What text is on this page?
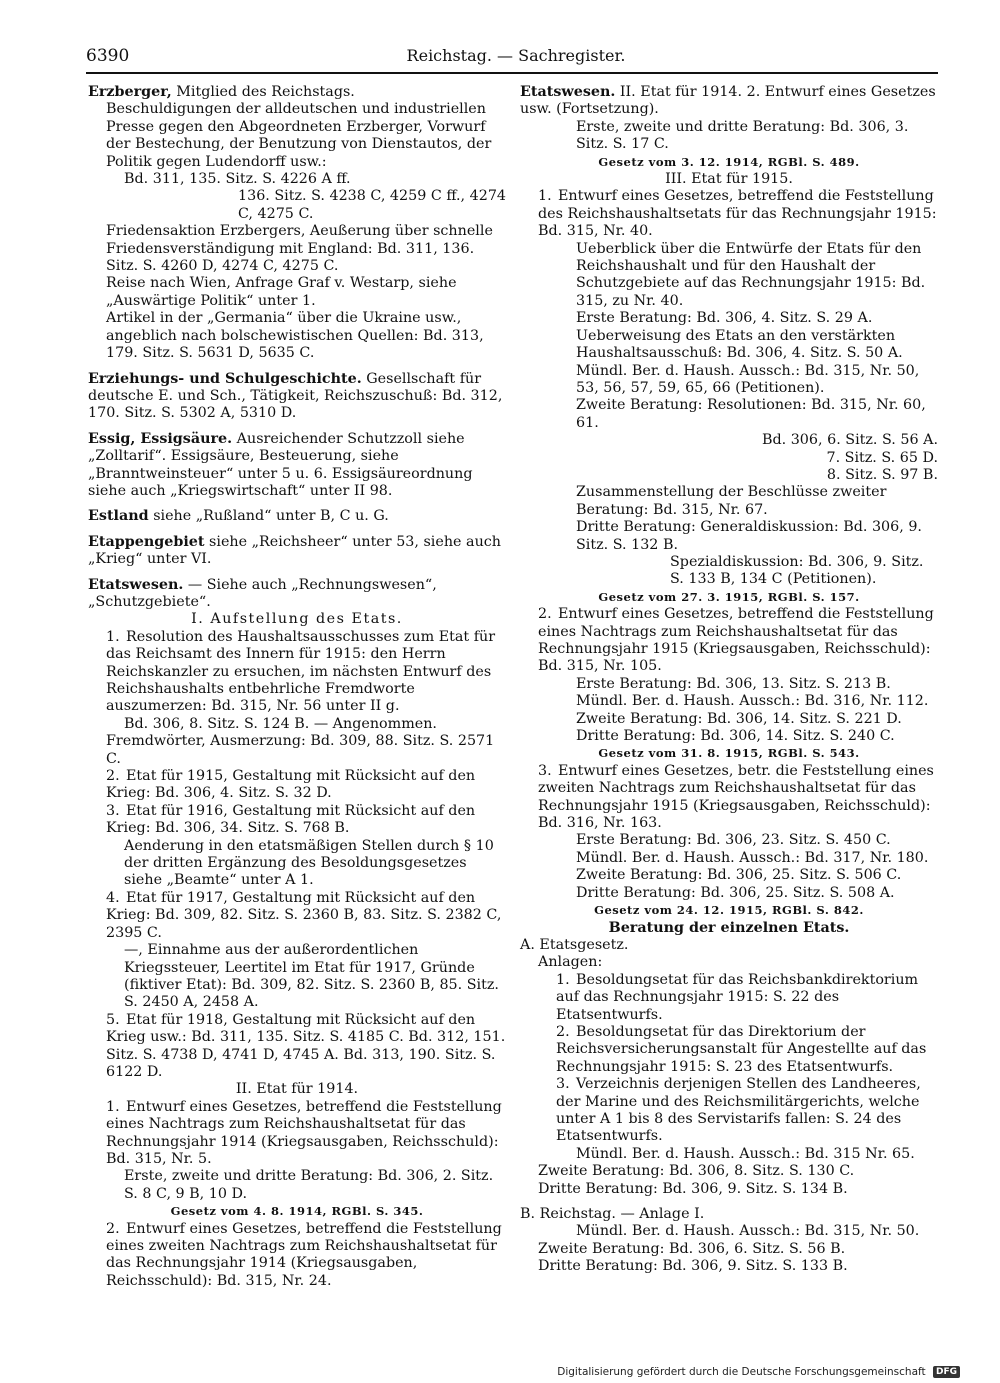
6390	Reichstag. — Sachregister.

Erzberger, Mitglied des Reichstags.

Beschuldigungen der alldeutschen und industriellen Presse gegen den Abgeordneten Erzberger, Vorwurf der Bestechung, der Benutzung von Dienstautos, der Politik gegen Ludendorff usw.:

Bd. 311, 135. Sitz. S. 4226 A ff.

136. Sitz. S. 4238 C, 4259 C ff., 4274 C, 4275 C.

Friedensaktion Erzbergers, Aeußerung über schnelle Friedensverständigung mit England: Bd. 311, 136. Sitz. S. 4260 D, 4274 C, 4275 C.

Reise nach Wien, Anfrage Graf v. Westarp, siehe „Auswärtige Politik“ unter 1.

Artikel in der „Germania“ über die Ukraine usw., angeblich nach bolschewistischen Quellen: Bd. 313, 179. Sitz. S. 5631 D, 5635 C.

Erziehungs- und Schulgeschichte. Gesellschaft für deutsche E. und Sch., Tätigkeit, Reichszuschuß: Bd. 312, 170. Sitz. S. 5302 A, 5310 D.

Essig, Essigsäure. Ausreichender Schutzzoll siehe „Zolltarif“. Essigsäure, Besteuerung, siehe „Branntweinsteuer“ unter 5 u. 6. Essigsäureordnung siehe auch „Kriegswirtschaft“ unter II 98.

Estland siehe „Rußland“ unter B, C u. G.

Etappengebiet siehe „Reichsheer“ unter 53, siehe auch „Krieg“ unter VI.

Etatswesen. — Siehe auch „Rechnungswesen“, „Schutzgebiete“.

I. Aufstellung des Etats.

1. Resolution des Haushaltsausschusses zum Etat für das Reichsamt des Innern für 1915: den Herrn Reichskanzler zu ersuchen, im nächsten Entwurf des Reichshaushalts entbehrliche Fremdworte auszumerzen: Bd. 315, Nr. 56 unter II g.

Bd. 306, 8. Sitz. S. 124 B. — Angenommen.

Fremdwörter, Ausmerzung: Bd. 309, 88. Sitz. S. 2571 C.

2. Etat für 1915, Gestaltung mit Rücksicht auf den Krieg: Bd. 306, 4. Sitz. S. 32 D.

3. Etat für 1916, Gestaltung mit Rücksicht auf den Krieg: Bd. 306, 34. Sitz. S. 768 B.

Aenderung in den etatsmäßigen Stellen durch § 10 der dritten Ergänzung des Besoldungsgesetzes siehe „Beamte“ unter A 1.

4. Etat für 1917, Gestaltung mit Rücksicht auf den Krieg: Bd. 309, 82. Sitz. S. 2360 B, 83. Sitz. S. 2382 C, 2395 C.

—, Einnahme aus der außerordentlichen Kriegssteuer, Leertitel im Etat für 1917, Gründe (fiktiver Etat): Bd. 309, 82. Sitz. S. 2360 B, 85. Sitz. S. 2450 A, 2458 A.

5. Etat für 1918, Gestaltung mit Rücksicht auf den Krieg usw.: Bd. 311, 135. Sitz. S. 4185 C. Bd. 312, 151. Sitz. S. 4738 D, 4741 D, 4745 A. Bd. 313, 190. Sitz. S. 6122 D.

II. Etat für 1914.

1. Entwurf eines Gesetzes, betreffend die Feststellung eines Nachtrags zum Reichshaushaltsetat für das Rechnungsjahr 1914 (Kriegsausgaben, Reichsschuld): Bd. 315, Nr. 5.

Erste, zweite und dritte Beratung: Bd. 306, 2. Sitz. S. 8 C, 9 B, 10 D.

Gesetz vom 4. 8. 1914, RGBl. S. 345.

2. Entwurf eines Gesetzes, betreffend die Feststellung eines zweiten Nachtrags zum Reichshaushaltsetat für das Rechnungsjahr 1914 (Kriegsausgaben, Reichsschuld): Bd. 315, Nr. 24.

Etatswesen. II. Etat für 1914. 2. Entwurf eines Gesetzes usw. (Fortsetzung).

Erste, zweite und dritte Beratung: Bd. 306, 3. Sitz. S. 17 C.

Gesetz vom 3. 12. 1914, RGBl. S. 489.

III. Etat für 1915.

1. Entwurf eines Gesetzes, betreffend die Feststellung des Reichshaushaltsetats für das Rechnungsjahr 1915: Bd. 315, Nr. 40.

Ueberblick über die Entwürfe der Etats für den Reichshaushalt und für den Haushalt der Schutzgebiete auf das Rechnungsjahr 1915: Bd. 315, zu Nr. 40.

Erste Beratung: Bd. 306, 4. Sitz. S. 29 A.

Ueberweisung des Etats an den verstärkten Haushaltsausschuß: Bd. 306, 4. Sitz. S. 50 A.

Mündl. Ber. d. Haush. Aussch.: Bd. 315, Nr. 50, 53, 56, 57, 59, 65, 66 (Petitionen).

Zweite Beratung: Resolutionen: Bd. 315, Nr. 60, 61.

Bd. 306, 6. Sitz. S. 56 A.

7. Sitz. S. 65 D.

8. Sitz. S. 97 B.

Zusammenstellung der Beschlüsse zweiter Beratung: Bd. 315, Nr. 67.

Dritte Beratung: Generaldiskussion: Bd. 306, 9. Sitz. S. 132 B.

Spezialdiskussion: Bd. 306, 9. Sitz. S. 133 B, 134 C (Petitionen).

Gesetz vom 27. 3. 1915, RGBl. S. 157.

2. Entwurf eines Gesetzes, betreffend die Feststellung eines Nachtrags zum Reichshaushaltsetat für das Rechnungsjahr 1915 (Kriegsausgaben, Reichsschuld): Bd. 315, Nr. 105.

Erste Beratung: Bd. 306, 13. Sitz. S. 213 B.

Mündl. Ber. d. Haush. Aussch.: Bd. 316, Nr. 112.

Zweite Beratung: Bd. 306, 14. Sitz. S. 221 D.

Dritte Beratung: Bd. 306, 14. Sitz. S. 240 C.

Gesetz vom 31. 8. 1915, RGBl. S. 543.

3. Entwurf eines Gesetzes, betr. die Feststellung eines zweiten Nachtrags zum Reichshaushaltsetat für das Rechnungsjahr 1915 (Kriegsausgaben, Reichsschuld): Bd. 316, Nr. 163.

Erste Beratung: Bd. 306, 23. Sitz. S. 450 C.

Mündl. Ber. d. Haush. Aussch.: Bd. 317, Nr. 180.

Zweite Beratung: Bd. 306, 25. Sitz. S. 506 C.

Dritte Beratung: Bd. 306, 25. Sitz. S. 508 A.

Gesetz vom 24. 12. 1915, RGBl. S. 842.

Beratung der einzelnen Etats.

A. Etatsgesetz.

Anlagen:

1. Besoldungsetat für das Reichsbankdirektorium auf das Rechnungsjahr 1915: S. 22 des Etatsentwurfs.

2. Besoldungsetat für das Direktorium der Reichsversicherungsanstalt für Angestellte auf das Rechnungsjahr 1915: S. 23 des Etatsentwurfs.

3. Verzeichnis derjenigen Stellen des Landheeres, der Marine und des Reichsmilitärgerichts, welche unter A 1 bis 8 des Servistarifs fallen: S. 24 des Etatsentwurfs.

Mündl. Ber. d. Haush. Aussch.: Bd. 315 Nr. 65.

Zweite Beratung: Bd. 306, 8. Sitz. S. 130 C.

Dritte Beratung: Bd. 306, 9. Sitz. S. 134 B.

B. Reichstag. — Anlage I.

Mündl. Ber. d. Haush. Aussch.: Bd. 315, Nr. 50.

Zweite Beratung: Bd. 306, 6. Sitz. S. 56 B.

Dritte Beratung: Bd. 306, 9. Sitz. S. 133 B.

Digitalisierung gefördert durch die Deutsche Forschungsgemeinschaft DFG
